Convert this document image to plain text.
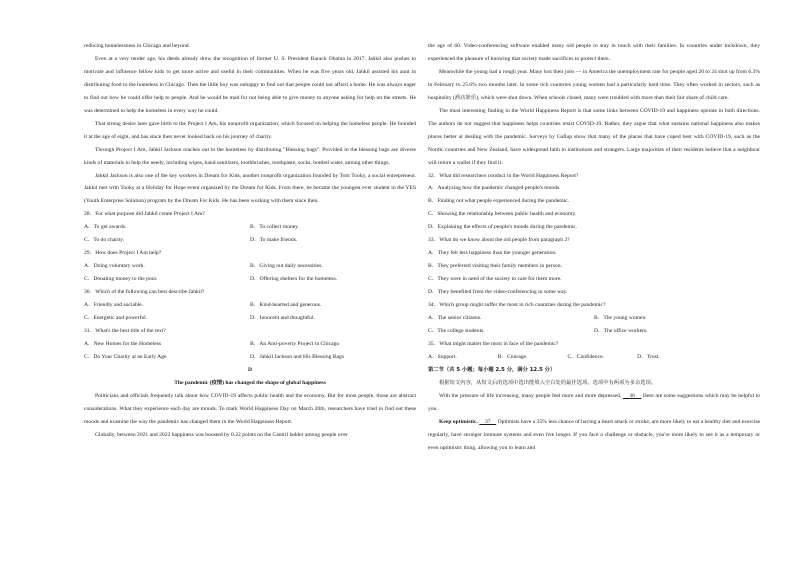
reducing homelessness in Chicago and beyond.

Even at a very tender age, his deeds already drew the recognition of former U. S. President Barack Obama in 2017. Jahkil also pushes to motivate and influence fellow kids to get more active and useful in their communities. When he was five years old, Jahkil assisted his aunt in distributing food to the homeless in Chicago. Then the little boy was unhappy to find out that people could not afford a home. He was always eager to find out how he could offer help to people. And he would be mad for not being able to give money to anyone asking for help on the streets. He was determined to help the homeless in every way he could.

That strong desire later gave birth to the Project I Am, his nonprofit organization, which focused on helping the homeless people. He founded it at the age of eight, and has since then never looked back on his journey of charity.

Through Project I Am, Jahkil Jackson reaches out to the homeless by distributing "Blessing bags". Provided in the blessing bags are diverse kinds of materials to help the needy, including wipes, hand sanitizers, toothbrushes, toothpaste, socks, bottled water, among other things.

Jahkil Jackson is also one of the key workers in Dream for Kids, another nonprofit organization founded by Tom Tooky, a social entrepreneur. Jahkil met with Tooky at a Holiday for Hope event organized by the Dream for Kids. From there, he became the youngest ever student in the YES (Youth Enterprise Solution) program by the Dream For Kids. He has been working with them since then.

28．For what purpose did Jahkil create Project I Am?

A．To get awards.	B．To collect money.
C．To do charity.	D．To make friends.

29．How does Project I Am help?

A．Doing voluntary work.	B．Giving out daily necessities.
C．Donating money to the poor.	D．Offering shelters for the homeless.

30．Which of the following can best describe Jahkil?

A．Friendly and sociable.	B．Kind-hearted and generous.
C．Energetic and powerful.	D．Innocent and thoughtful.

31．What's the best title of the text?

A．New Homes for the Homeless	B．An Anti-poverty Project in Chicago
C．Do Your Charity at an Early Age	D．Jahkil Jackson and His Blessing Bags

D

The pandemic (疫情) has changed the shape of global happiness

Politicians and officials frequently talk about how COVID-19 affects public health and the economy. But for most people, those are abstract considerations. What they experience each day are moods. To mark World Happiness Day on March 20th, researchers have tried to find out these moods and examine the way the pandemic has changed them in the World Happiness Report.

Globally, between 2021 and 2022 happiness was boosted by 0.22 points on the Cantril ladder among people over

the age of 60. Video-conferencing software enabled many old people to stay in touch with their families. In countries under lockdown, they experienced the pleasure of knowing that society made sacrifices to protect them.

Meanwhile the young had a rough year. Many lost their jobs — in America the unemployment rate for people aged 20 to 24 shot up from 6.3% in February to 25.6% two months later. In some rich countries young women had a particularly hard time. They often worked in sectors, such as hospitality (酒店娱乐), which were shut down. When schools closed, many were troubled with more than their fair share of child care.

The most interesting finding in the World Happiness Report is that some links between COVID-19 and happiness operate in both directions. The authors do not suggest that happiness helps countries resist COVID-19. Rather, they argue that what sustains national happiness also makes places better at dealing with the pandemic. Surveys by Gallup show that many of the places that have coped best with COVID-19, such as the Nordic countries and New Zealand, have widespread faith in institutions and strangers. Large majorities of their residents believe that a neighbour will return a wallet if they find it.

32．What did researchers conduct in the World Happiness Report?

A．Analyzing how the pandemic changed people's moods.

B．Finding out what people experienced during the pandemic.

C．Showing the relationship between public health and economy.

D．Explaining the effects of people's moods during the pandemic.

33．What do we know about the old people from paragraph 2?

A．They felt less happiness than the younger generation.

B．They preferred visiting their family members in person.

C．They were in need of the society to care for them more.

D．They benefited from the video-conferencing in some way.

34．Which group might suffer the most in rich countries during the pandemic?

A．The senior citizens.	B．The young women.
C．The college students.	D．The office workers.

35．What might matter the most in face of the pandemic?

A．Support.	B．Courage.	C．Confidence.	D．Trust.

第二节（共 5 小题；每小题 2.5 分，满分 12.5 分）

根据短文内容，从短文后的选项中选出能填入空白处的最佳选项。选项中有两项为多余选项。

With the pressure of life increasing, many people feel more and more depressed. 36 Here are some suggestions which may be helpful to you.

Keep optimistic. 37 Optimists have a 35% less chance of having a heart attack or stroke, are more likely to eat a healthy diet and exercise regularly, have stronger immune systems and even live longer. If you face a challenge or obstacle, you're more likely to see it as a temporary or even optimistic thing, allowing you to learn and
